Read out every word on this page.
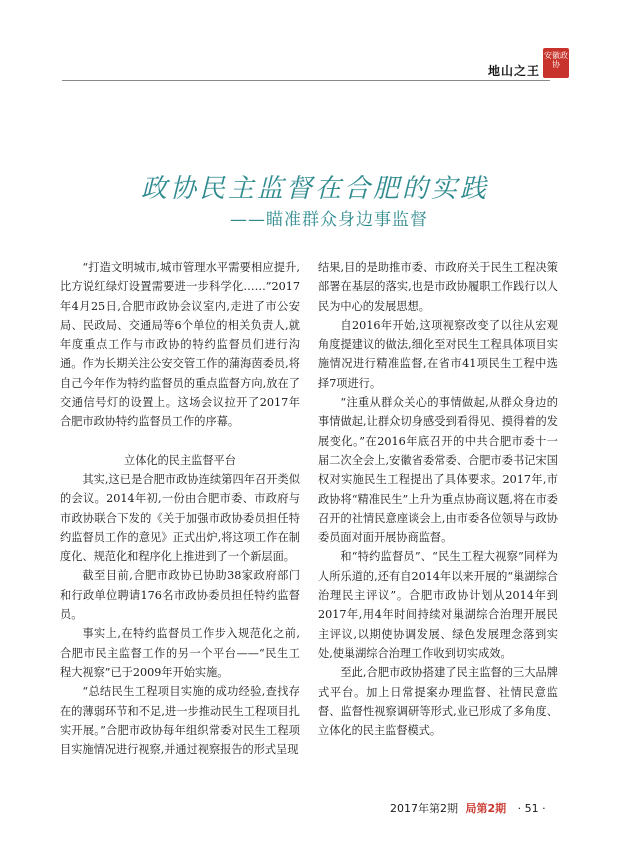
地山之王
安徽政协
政协民主监督在合肥的实践
——瞄准群众身边事监督

“打造文明城市,城市管理水平需要相应提升,比方说红绿灯设置需要进一步科学化……”2017年4月25日,合肥市政协会议室内,走进了市公安局、民政局、交通局等6个单位的相关负责人,就年度重点工作与市政协的特约监督员们进行沟通。作为长期关注公安交管工作的蒲海茵委员,将自己今年作为特约监督员的重点监督方向,放在了交通信号灯的设置上。这场会议拉开了2017年合肥市政协特约监督员工作的序幕。

立体化的民主监督平台

其实,这已是合肥市政协连续第四年召开类似的会议。2014年初,一份由合肥市委、市政府与市政协联合下发的《关于加强市政协委员担任特约监督员工作的意见》正式出炉,将这项工作在制度化、规范化和程序化上推进到了一个新层面。

截至目前,合肥市政协已协助38家政府部门和行政单位聘请176名市政协委员担任特约监督员。

事实上,在特约监督员工作步入规范化之前,合肥市民主监督工作的另一个平台——“民生工程大视察”已于2009年开始实施。

“总结民生工程项目实施的成功经验,查找存在的薄弱环节和不足,进一步推动民生工程项目扎实开展。”合肥市政协每年组织常委对民生工程项目实施情况进行视察,并通过视察报告的形式呈现

结果,目的是助推市委、市政府关于民生工程决策部署在基层的落实,也是市政协履职工作践行以人民为中心的发展思想。

自2016年开始,这项视察改变了以往从宏观角度提建议的做法,细化至对民生工程具体项目实施情况进行精准监督,在省市41项民生工程中选择7项进行。

“注重从群众关心的事情做起,从群众身边的事情做起,让群众切身感受到看得见、摸得着的发展变化。”在2016年底召开的中共合肥市委十一届二次全会上,安徽省委常委、合肥市委书记宋国权对实施民生工程提出了具体要求。2017年,市政协将“精准民生”上升为重点协商议题,将在市委召开的社情民意座谈会上,由市委各位领导与政协委员面对面开展协商监督。

和“特约监督员”、“民生工程大视察”同样为人所乐道的,还有自2014年以来开展的“巢湖综合治理民主评议”。合肥市政协计划从2014年到2017年,用4年时间持续对巢湖综合治理开展民主评议,以期使协调发展、绿色发展理念落到实处,使巢湖综合治理工作收到切实成效。

至此,合肥市政协搭建了民主监督的三大品牌式平台。加上日常提案办理监督、社情民意监督、监督性视察调研等形式,业已形成了多角度、立体化的民主监督模式。

2017年第2期 局第2期 · 51 ·
